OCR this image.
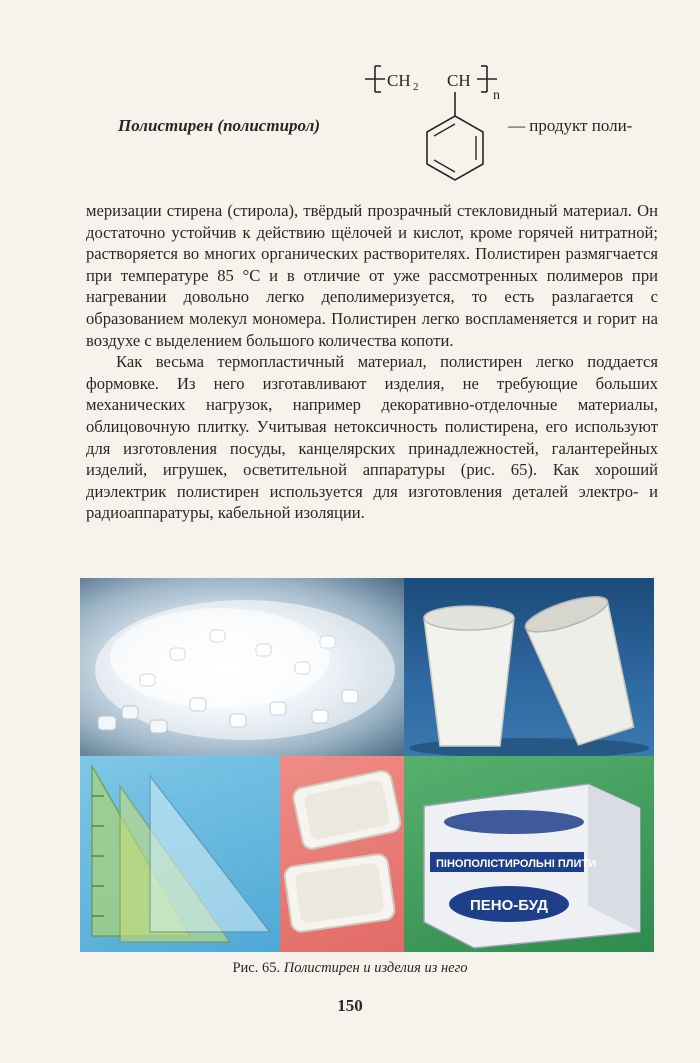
Полистирен (полистирол)
CH 2 CH
n
— продукт поли-

меризации стирена (стирола), твёрдый прозрачный стекловидный материал. Он достаточно устойчив к действию щёлочей и кислот, кроме горячей нитратной; растворяется во многих органических растворителях. Полистирен размягчается при температуре 85 °С и в отличие от уже рассмотренных полимеров при нагревании довольно легко деполимеризуется, то есть разлагается с образованием молекул мономера. Полистирен легко воспламеняется и горит на воздухе с выделением большого количества копоти.

Как весьма термопластичный материал, полистирен легко поддается формовке. Из него изготавливают изделия, не требующие больших механических нагрузок, например декоративно-отделочные материалы, облицовочную плитку. Учитывая нетоксичность полистирена, его используют для изготовления посуды, канцелярских принадлежностей, галантерейных изделий, игрушек, осветительной аппаратуры (рис. 65). Как хороший диэлектрик полистирен используется для изготовления деталей электро- и радиоаппаратуры, кабельной изоляции.

ПІНОПОЛІСТИРОЛЬНІ ПЛИТИ
ПЕНО-БУД
Рис. 65. Полистирен и изделия из него
150
